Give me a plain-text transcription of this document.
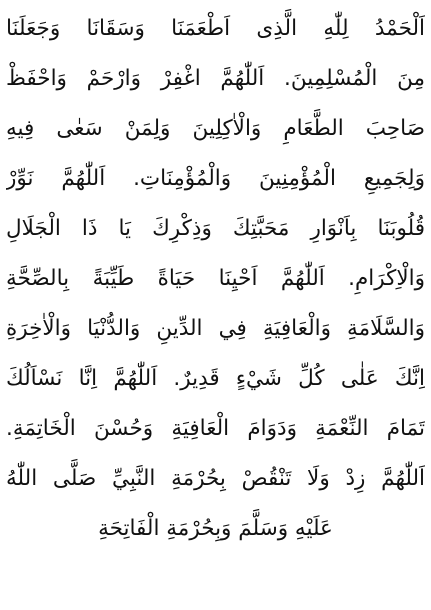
اَلْحَمْدُ لِلّٰهِ الَّذِى اَطْعَمَنَا وَسَقَانَا وَجَعَلَنَا
مِنَ الْمُسْلِمِينَ. اَللّٰهُمَّ اغْفِرْ وَارْحَمْ وَاحْفَظْ
صَاحِبَ الطَّعَامِ وَالْاٰكِلِينَ وَلِمَنْ سَعٰى فِيهِ
وَلِجَمِيعِ الْمُؤْمِنِينَ وَالْمُؤْمِنَاتِ. اَللّٰهُمَّ نَوِّرْ
قُلُوبَنَا بِاَنْوَارِ مَحَبَّتِكَ وَذِكْرِكَ يَا ذَا الْجَلَالِ
وَالْاِكْرَامِ. اَللّٰهُمَّ اَحْيِنَا حَيَاةً طَيِّبَةً بِالصِّحَّةِ
وَالسَّلَامَةِ وَالْعَافِيَةِ فِي الدِّينِ وَالدُّنْيَا وَالْاٰخِرَةِ
اِنَّكَ عَلٰى كُلِّ شَيْءٍ قَدِيرٌ. اَللّٰهُمَّ اِنَّا نَسْاَلُكَ
تَمَامَ النِّعْمَةِ وَدَوَامَ الْعَافِيَةِ وَحُسْنَ الْخَاتِمَةِ.
اَللّٰهُمَّ زِدْ وَلَا تَنْقُصْ بِحُرْمَةِ النَّبِيِّ صَلَّى اللّٰهُ
عَلَيْهِ وَسَلَّمَ وَبِحُرْمَةِ الْفَاتِحَةِ
